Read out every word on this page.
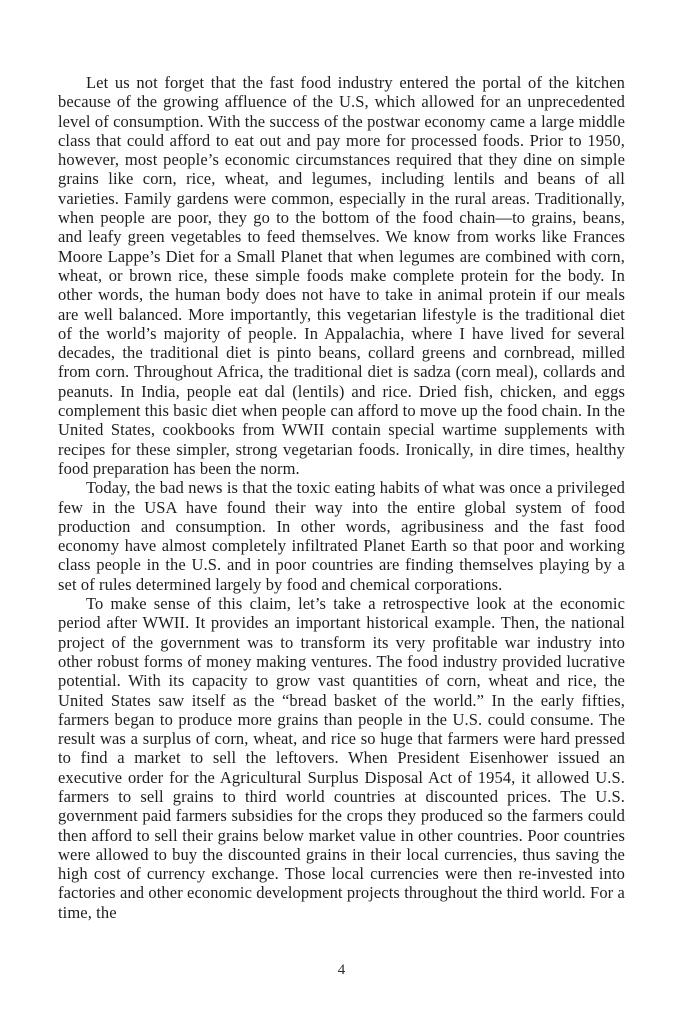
Let us not forget that the fast food industry entered the portal of the kitchen because of the growing affluence of the U.S, which allowed for an unprecedented level of consumption. With the success of the postwar economy came a large middle class that could afford to eat out and pay more for processed foods. Prior to 1950, however, most people’s economic circumstances required that they dine on simple grains like corn, rice, wheat, and legumes, including lentils and beans of all varieties. Family gardens were common, especially in the rural areas. Traditionally, when people are poor, they go to the bottom of the food chain—to grains, beans, and leafy green vegetables to feed themselves. We know from works like Frances Moore Lappe’s Diet for a Small Planet that when legumes are combined with corn, wheat, or brown rice, these simple foods make complete protein for the body. In other words, the human body does not have to take in animal protein if our meals are well balanced. More importantly, this vegetarian lifestyle is the traditional diet of the world’s majority of people. In Appalachia, where I have lived for several decades, the traditional diet is pinto beans, collard greens and cornbread, milled from corn. Throughout Africa, the traditional diet is sadza (corn meal), collards and peanuts. In India, people eat dal (lentils) and rice. Dried fish, chicken, and eggs complement this basic diet when people can afford to move up the food chain. In the United States, cookbooks from WWII contain special wartime supplements with recipes for these simpler, strong vegetarian foods. Ironically, in dire times, healthy food preparation has been the norm.

Today, the bad news is that the toxic eating habits of what was once a privileged few in the USA have found their way into the entire global system of food production and consumption. In other words, agribusiness and the fast food economy have almost completely infiltrated Planet Earth so that poor and working class people in the U.S. and in poor countries are finding themselves playing by a set of rules determined largely by food and chemical corporations.

To make sense of this claim, let’s take a retrospective look at the economic period after WWII. It provides an important historical example. Then, the national project of the government was to transform its very profitable war industry into other robust forms of money making ventures. The food industry provided lucrative potential. With its capacity to grow vast quantities of corn, wheat and rice, the United States saw itself as the “bread basket of the world.” In the early fifties, farmers began to produce more grains than people in the U.S. could consume. The result was a surplus of corn, wheat, and rice so huge that farmers were hard pressed to find a market to sell the leftovers. When President Eisenhower issued an executive order for the Agricultural Surplus Disposal Act of 1954, it allowed U.S. farmers to sell grains to third world countries at discounted prices. The U.S. government paid farmers subsidies for the crops they produced so the farmers could then afford to sell their grains below market value in other countries. Poor countries were allowed to buy the discounted grains in their local currencies, thus saving the high cost of currency exchange. Those local currencies were then re-invested into factories and other economic development projects throughout the third world. For a time, the

4
